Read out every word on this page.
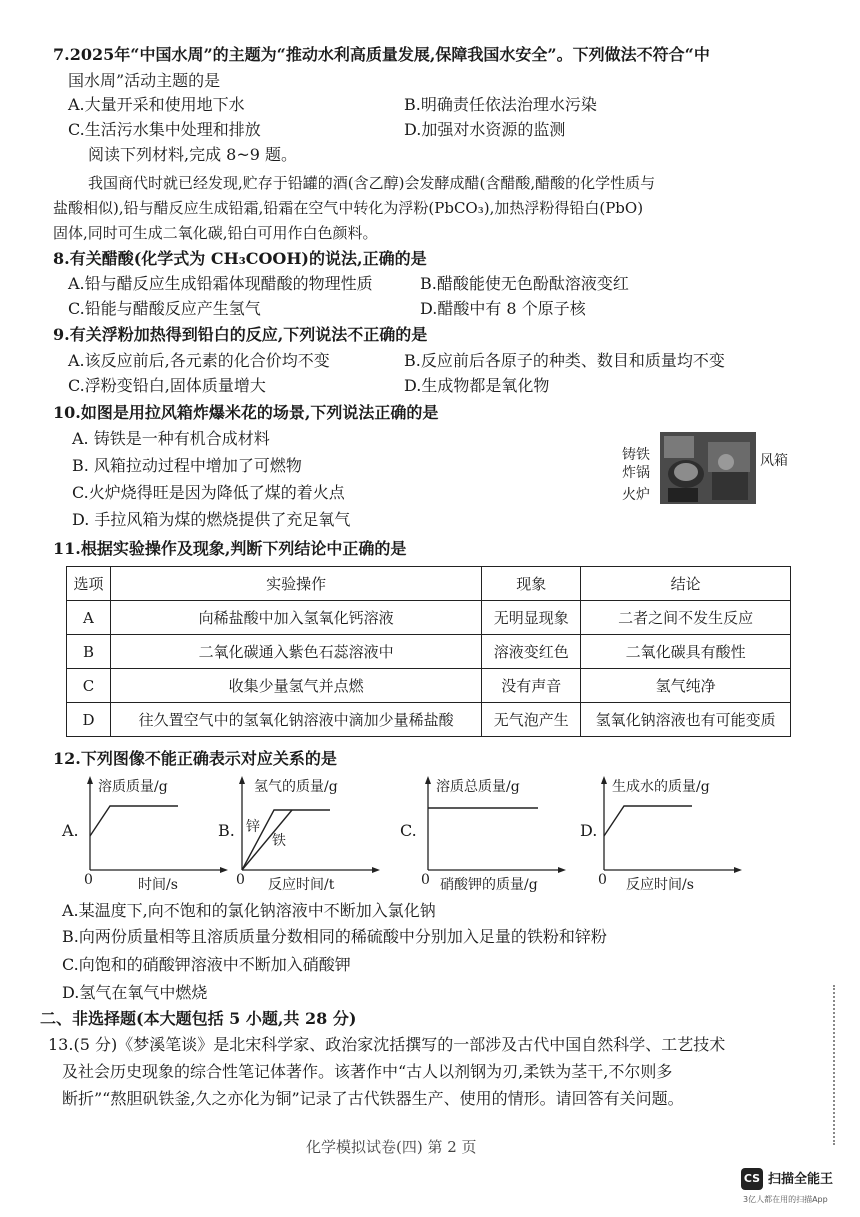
7.2025年“中国水周”的主题为“推动水利高质量发展,保障我国水安全”。下列做法不符合“中
国水周”活动主题的是
A.大量开采和使用地下水	B.明确责任依法治理水污染
C.生活污水集中处理和排放	D.加强对水资源的监测
阅读下列材料,完成 8~9 题。
我国商代时就已经发现,贮存于铅罐的酒(含乙醇)会发酵成醋(含醋酸,醋酸的化学性质与
盐酸相似),铅与醋反应生成铅霜,铅霜在空气中转化为浮粉(PbCO₃),加热浮粉得铅白(PbO)
固体,同时可生成二氧化碳,铅白可用作白色颜料。
8.有关醋酸(化学式为 CH₃COOH)的说法,正确的是
A.铅与醋反应生成铅霜体现醋酸的物理性质	B.醋酸能使无色酚酞溶液变红
C.铅能与醋酸反应产生氢气	D.醋酸中有 8 个原子核
9.有关浮粉加热得到铅白的反应,下列说法不正确的是
A.该反应前后,各元素的化合价均不变	B.反应前后各原子的种类、数目和质量均不变
C.浮粉变铅白,固体质量增大	D.生成物都是氧化物
10.如图是用拉风箱炸爆米花的场景,下列说法正确的是
A. 铸铁是一种有机合成材料
B. 风箱拉动过程中增加了可燃物
C.火炉烧得旺是因为降低了煤的着火点
D. 手拉风箱为煤的燃烧提供了充足氧气
铸铁
炸锅
火炉
风箱
11.根据实验操作及现象,判断下列结论中正确的是
选项	实验操作	现象	结论
A	向稀盐酸中加入氢氧化钙溶液	无明显现象	二者之间不发生反应
B	二氧化碳通入紫色石蕊溶液中	溶液变红色	二氧化碳具有酸性
C	收集少量氢气并点燃	没有声音	氢气纯净
D	往久置空气中的氢氧化钠溶液中滴加少量稀盐酸	无气泡产生	氢氧化钠溶液也有可能变质
12.下列图像不能正确表示对应关系的是
A.
溶质质量/g
0	时间/s
B.
氢气的质量/g
锌
铁
0 反应时间/t
C.
溶质总质量/g
0 硝酸钾的质量/g
D.
生成水的质量/g
0 反应时间/s
A.某温度下,向不饱和的氯化钠溶液中不断加入氯化钠
B.向两份质量相等且溶质质量分数相同的稀硫酸中分别加入足量的铁粉和锌粉
C.向饱和的硝酸钾溶液中不断加入硝酸钾
D.氢气在氧气中燃烧
二、非选择题(本大题包括 5 小题,共 28 分)
13.(5 分)《梦溪笔谈》是北宋科学家、政治家沈括撰写的一部涉及古代中国自然科学、工艺技术
及社会历史现象的综合性笔记体著作。该著作中“古人以剂钢为刃,柔铁为茎干,不尔则多
断折”“熬胆矾铁釜,久之亦化为铜”记录了古代铁器生产、使用的情形。请回答有关问题。
化学模拟试卷(四) 第 2 页
CS 扫描全能王
3亿人都在用的扫描App
